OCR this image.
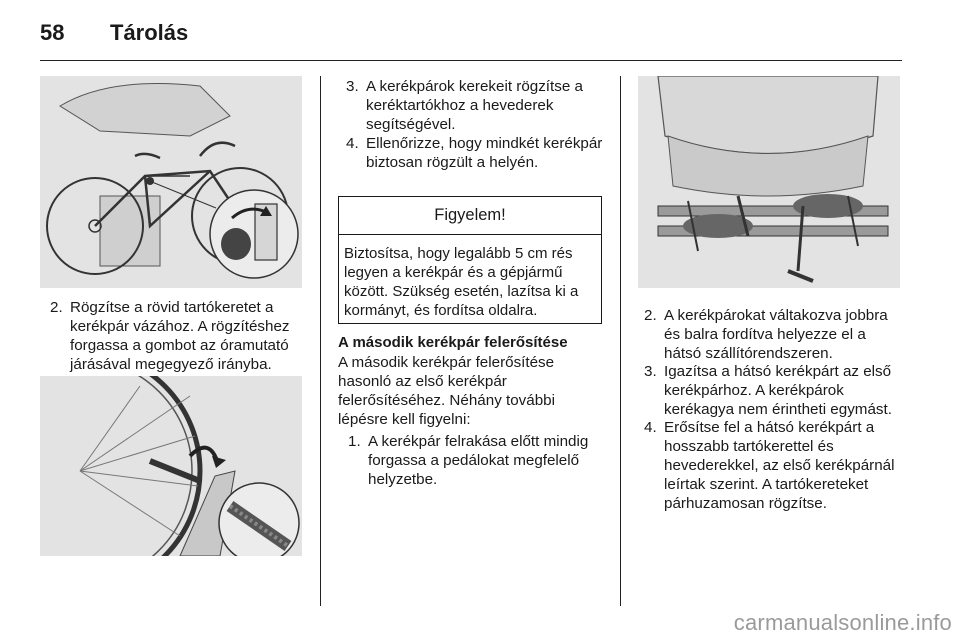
58	Tárolás
2. Rögzítse a rövid tartókeretet a kerékpár vázához. A rögzítéshez forgassa a gombot az óramutató járásával megegyező irányba.
3. A kerékpárok kerekeit rögzítse a keréktartókhoz a hevederek segítségével.
4. Ellenőrizze, hogy mindkét kerékpár biztosan rögzült a helyén.
Figyelem!
Biztosítsa, hogy legalább 5 cm rés legyen a kerékpár és a gépjármű között. Szükség esetén, lazítsa ki a kormányt, és fordítsa oldalra.
A második kerékpár felerősítése
A második kerékpár felerősítése hasonló az első kerékpár felerősítéséhez. Néhány további lépésre kell figyelni:
1. A kerékpár felrakása előtt mindig forgassa a pedálokat megfelelő helyzetbe.
2. A kerékpárokat váltakozva jobbra és balra fordítva helyezze el a hátsó szállítórendszeren.
3. Igazítsa a hátsó kerékpárt az első kerékpárhoz. A kerékpárok kerékagya nem érintheti egymást.
4. Erősítse fel a hátsó kerékpárt a hosszabb tartókerettel és hevederekkel, az első kerékpárnál leírtak szerint. A tartókereteket párhuzamosan rögzítse.
carmanualsonline.info
